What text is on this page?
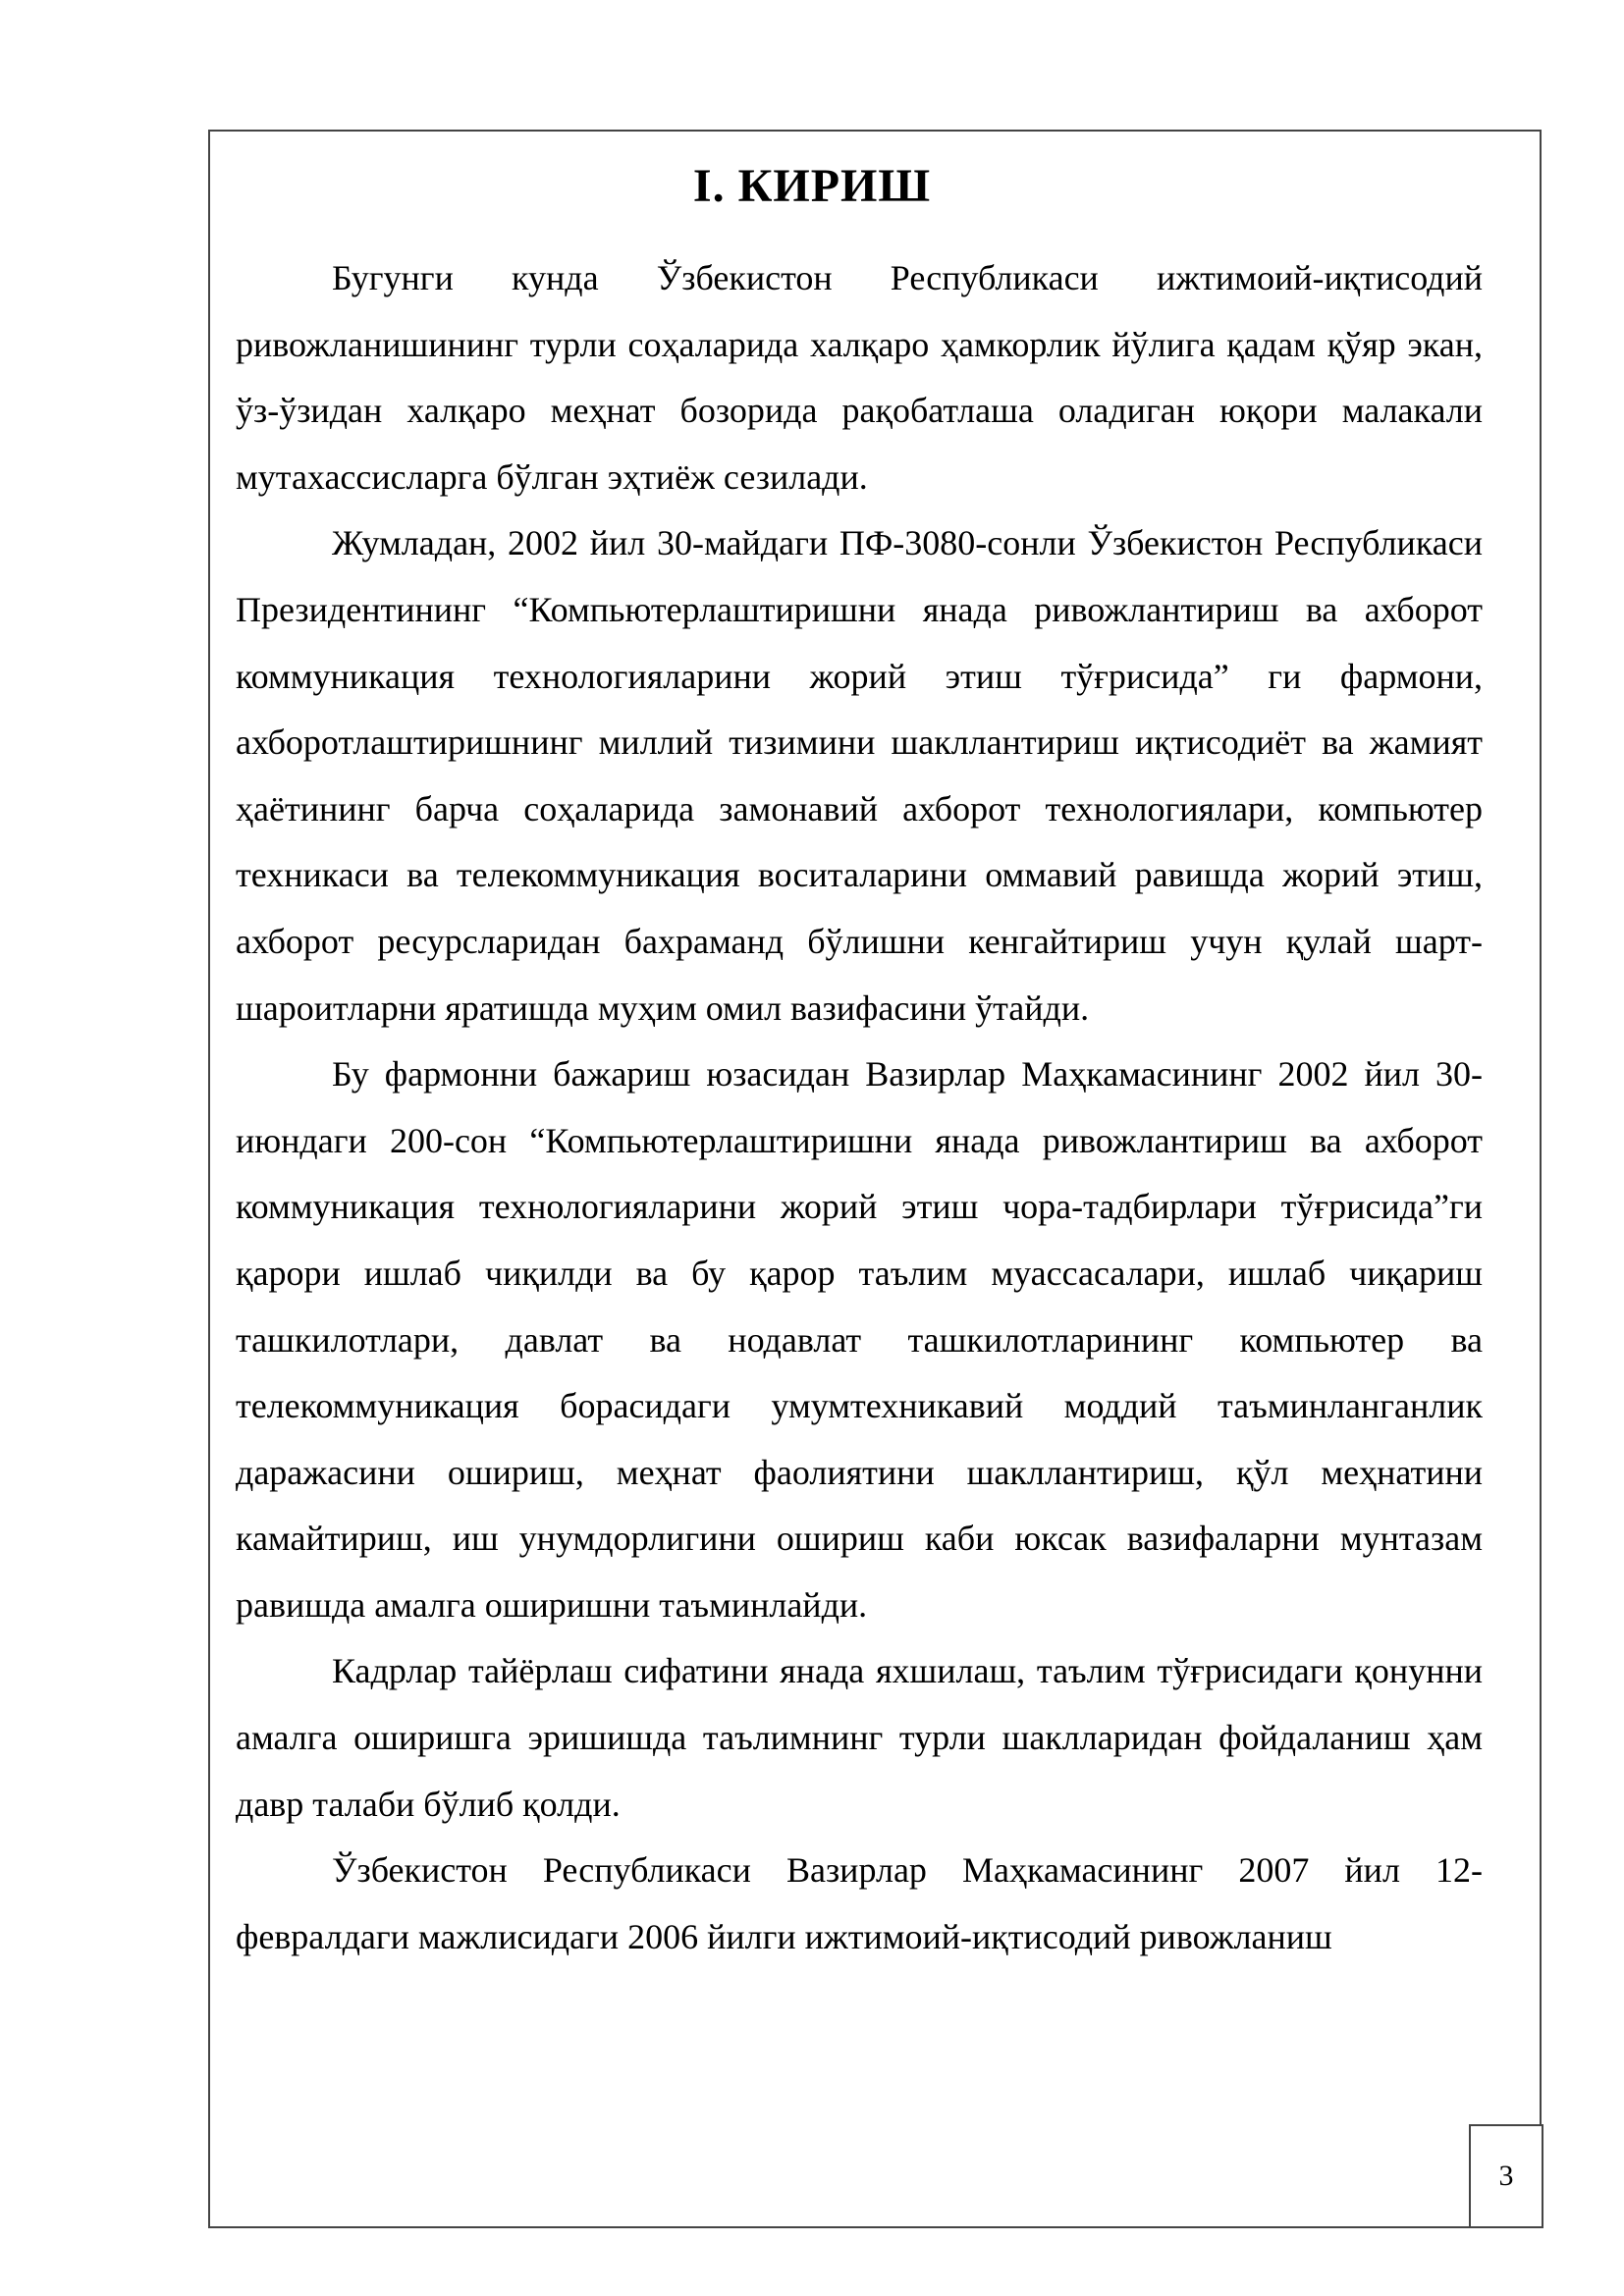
I. КИРИШ

Бугунги кунда Ўзбекистон Республикаси ижтимоий-иқтисодий ривожланишининг турли соҳаларида халқаро ҳамкорлик йўлига қадам қўяр экан, ўз-ўзидан халқаро меҳнат бозорида рақобатлаша оладиган юқори малакали мутахассисларга бўлган эҳтиёж сезилади.

Жумладан, 2002 йил 30-майдаги ПФ-3080-сонли Ўзбекистон Республикаси Президентининг “Компьютерлаштиришни янада ривожлантириш ва ахборот коммуникация технологияларини жорий этиш тўғрисида” ги фармони, ахборотлаштиришнинг миллий тизимини шакллантириш иқтисодиёт ва жамият ҳаётининг барча соҳаларида замонавий ахборот технологиялари, компьютер техникаси ва телекоммуникация воситаларини оммавий равишда жорий этиш, ахборот ресурсларидан бахраманд бўлишни кенгайтириш учун қулай шарт-шароитларни яратишда муҳим омил вазифасини ўтайди.

Бу фармонни бажариш юзасидан Вазирлар Маҳкамасининг 2002 йил 30-июндаги 200-сон “Компьютерлаштиришни янада ривожлантириш ва ахборот коммуникация технологияларини жорий этиш чора-тадбирлари тўғрисида”ги қарори ишлаб чиқилди ва бу қарор таълим муассасалари, ишлаб чиқариш ташкилотлари, давлат ва нодавлат ташкилотларининг компьютер ва телекоммуникация борасидаги умумтехникавий моддий таъминланганлик даражасини ошириш, меҳнат фаолиятини шакллантириш, қўл меҳнатини камайтириш, иш унумдорлигини ошириш каби юксак вазифаларни мунтазам равишда амалга оширишни таъминлайди.

Кадрлар тайёрлаш сифатини янада яхшилаш, таълим тўғрисидаги қонунни амалга оширишга эришишда таълимнинг турли шаклларидан фойдаланиш ҳам давр талаби бўлиб қолди.

Ўзбекистон Республикаси Вазирлар Маҳкамасининг 2007 йил 12-февралдаги мажлисидаги 2006 йилги ижтимоий-иқтисодий ривожланиш

3
